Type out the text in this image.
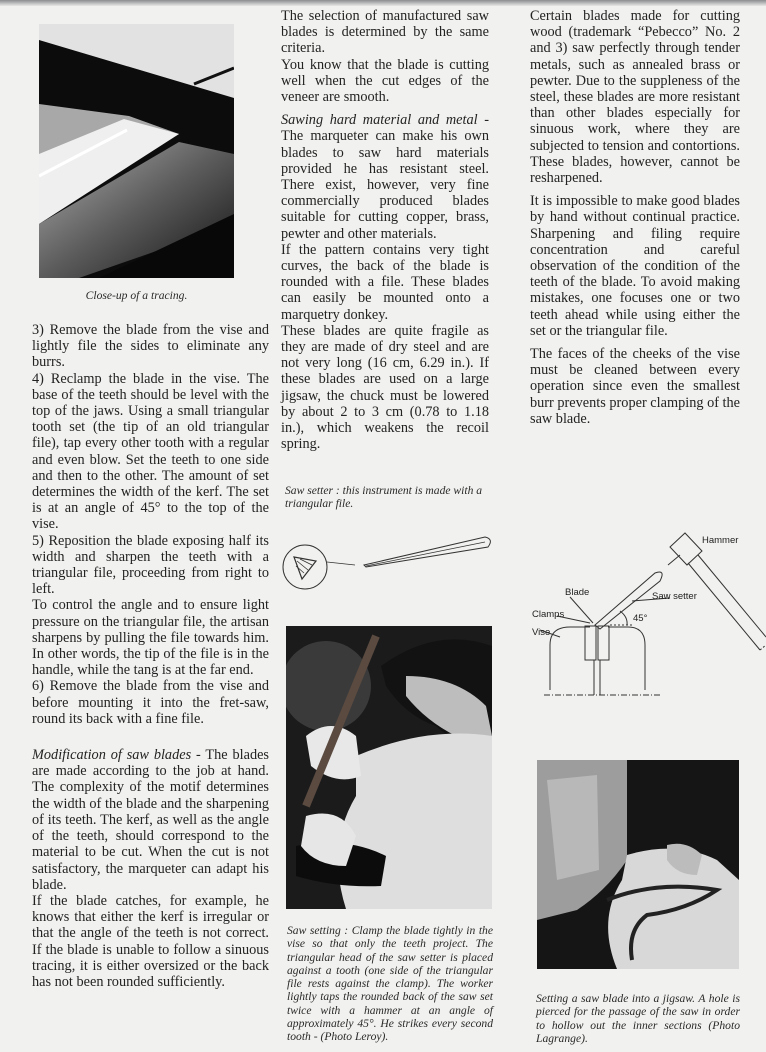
Close-up of a tracing.

3) Remove the blade from the vise and lightly file the sides to eliminate any burrs.

4) Reclamp the blade in the vise. The base of the teeth should be level with the top of the jaws. Using a small triangular tooth set (the tip of an old triangular file), tap every other tooth with a regular and even blow. Set the teeth to one side and then to the other. The amount of set determines the width of the kerf. The set is at an angle of 45° to the top of the vise.

5) Reposition the blade exposing half its width and sharpen the teeth with a triangular file, proceeding from right to left.

To control the angle and to ensure light pressure on the triangular file, the artisan sharpens by pulling the file towards him. In other words, the tip of the file is in the handle, while the tang is at the far end.

6) Remove the blade from the vise and before mounting it into the fret-saw, round its back with a fine file.

Modification of saw blades - The blades are made according to the job at hand. The complexity of the motif determines the width of the blade and the sharpening of its teeth. The kerf, as well as the angle of the teeth, should correspond to the material to be cut. When the cut is not satisfactory, the marqueter can adapt his blade.

If the blade catches, for example, he knows that either the kerf is irregular or that the angle of the teeth is not correct. If the blade is unable to follow a sinuous tracing, it is either oversized or the back has not been rounded sufficiently.

The selection of manufactured saw blades is determined by the same criteria.

You know that the blade is cutting well when the cut edges of the veneer are smooth.

Sawing hard material and metal - The marqueter can make his own blades to saw hard materials provided he has resistant steel. There exist, however, very fine commercially produced blades suitable for cutting copper, brass, pewter and other materials.

If the pattern contains very tight curves, the back of the blade is rounded with a file. These blades can easily be mounted onto a marquetry donkey.

These blades are quite fragile as they are made of dry steel and are not very long (16 cm, 6.29 in.). If these blades are used on a large jigsaw, the chuck must be lowered by about 2 to 3 cm (0.78 to 1.18 in.), which weakens the recoil spring.

Saw setter : this instrument is made with a triangular file.
Saw setting : Clamp the blade tightly in the vise so that only the teeth project. The triangular head of the saw setter is placed against a tooth (one side of the triangular file rests against the clamp). The worker lightly taps the rounded back of the saw set twice with a hammer at an angle of approximately 45°. He strikes every second tooth - (Photo Leroy).

Certain blades made for cutting wood (trademark “Pebecco” No. 2 and 3) saw perfectly through tender metals, such as annealed brass or pewter. Due to the suppleness of the steel, these blades are more resistant than other blades especially for sinuous work, where they are subjected to tension and contortions. These blades, however, cannot be resharpened.

It is impossible to make good blades by hand without continual practice. Sharpening and filing require concentration and careful observation of the condition of the teeth of the blade. To avoid making mistakes, one focuses one or two teeth ahead while using either the set or the triangular file.

The faces of the cheeks of the vise must be cleaned between every operation since even the smallest burr prevents proper clamping of the saw blade.

Hammer
Blade	Saw setter
Clamps
Vise
45°
Setting a saw blade into a jigsaw. A hole is pierced for the passage of the saw in order to hollow out the inner sections (Photo Lagrange).
